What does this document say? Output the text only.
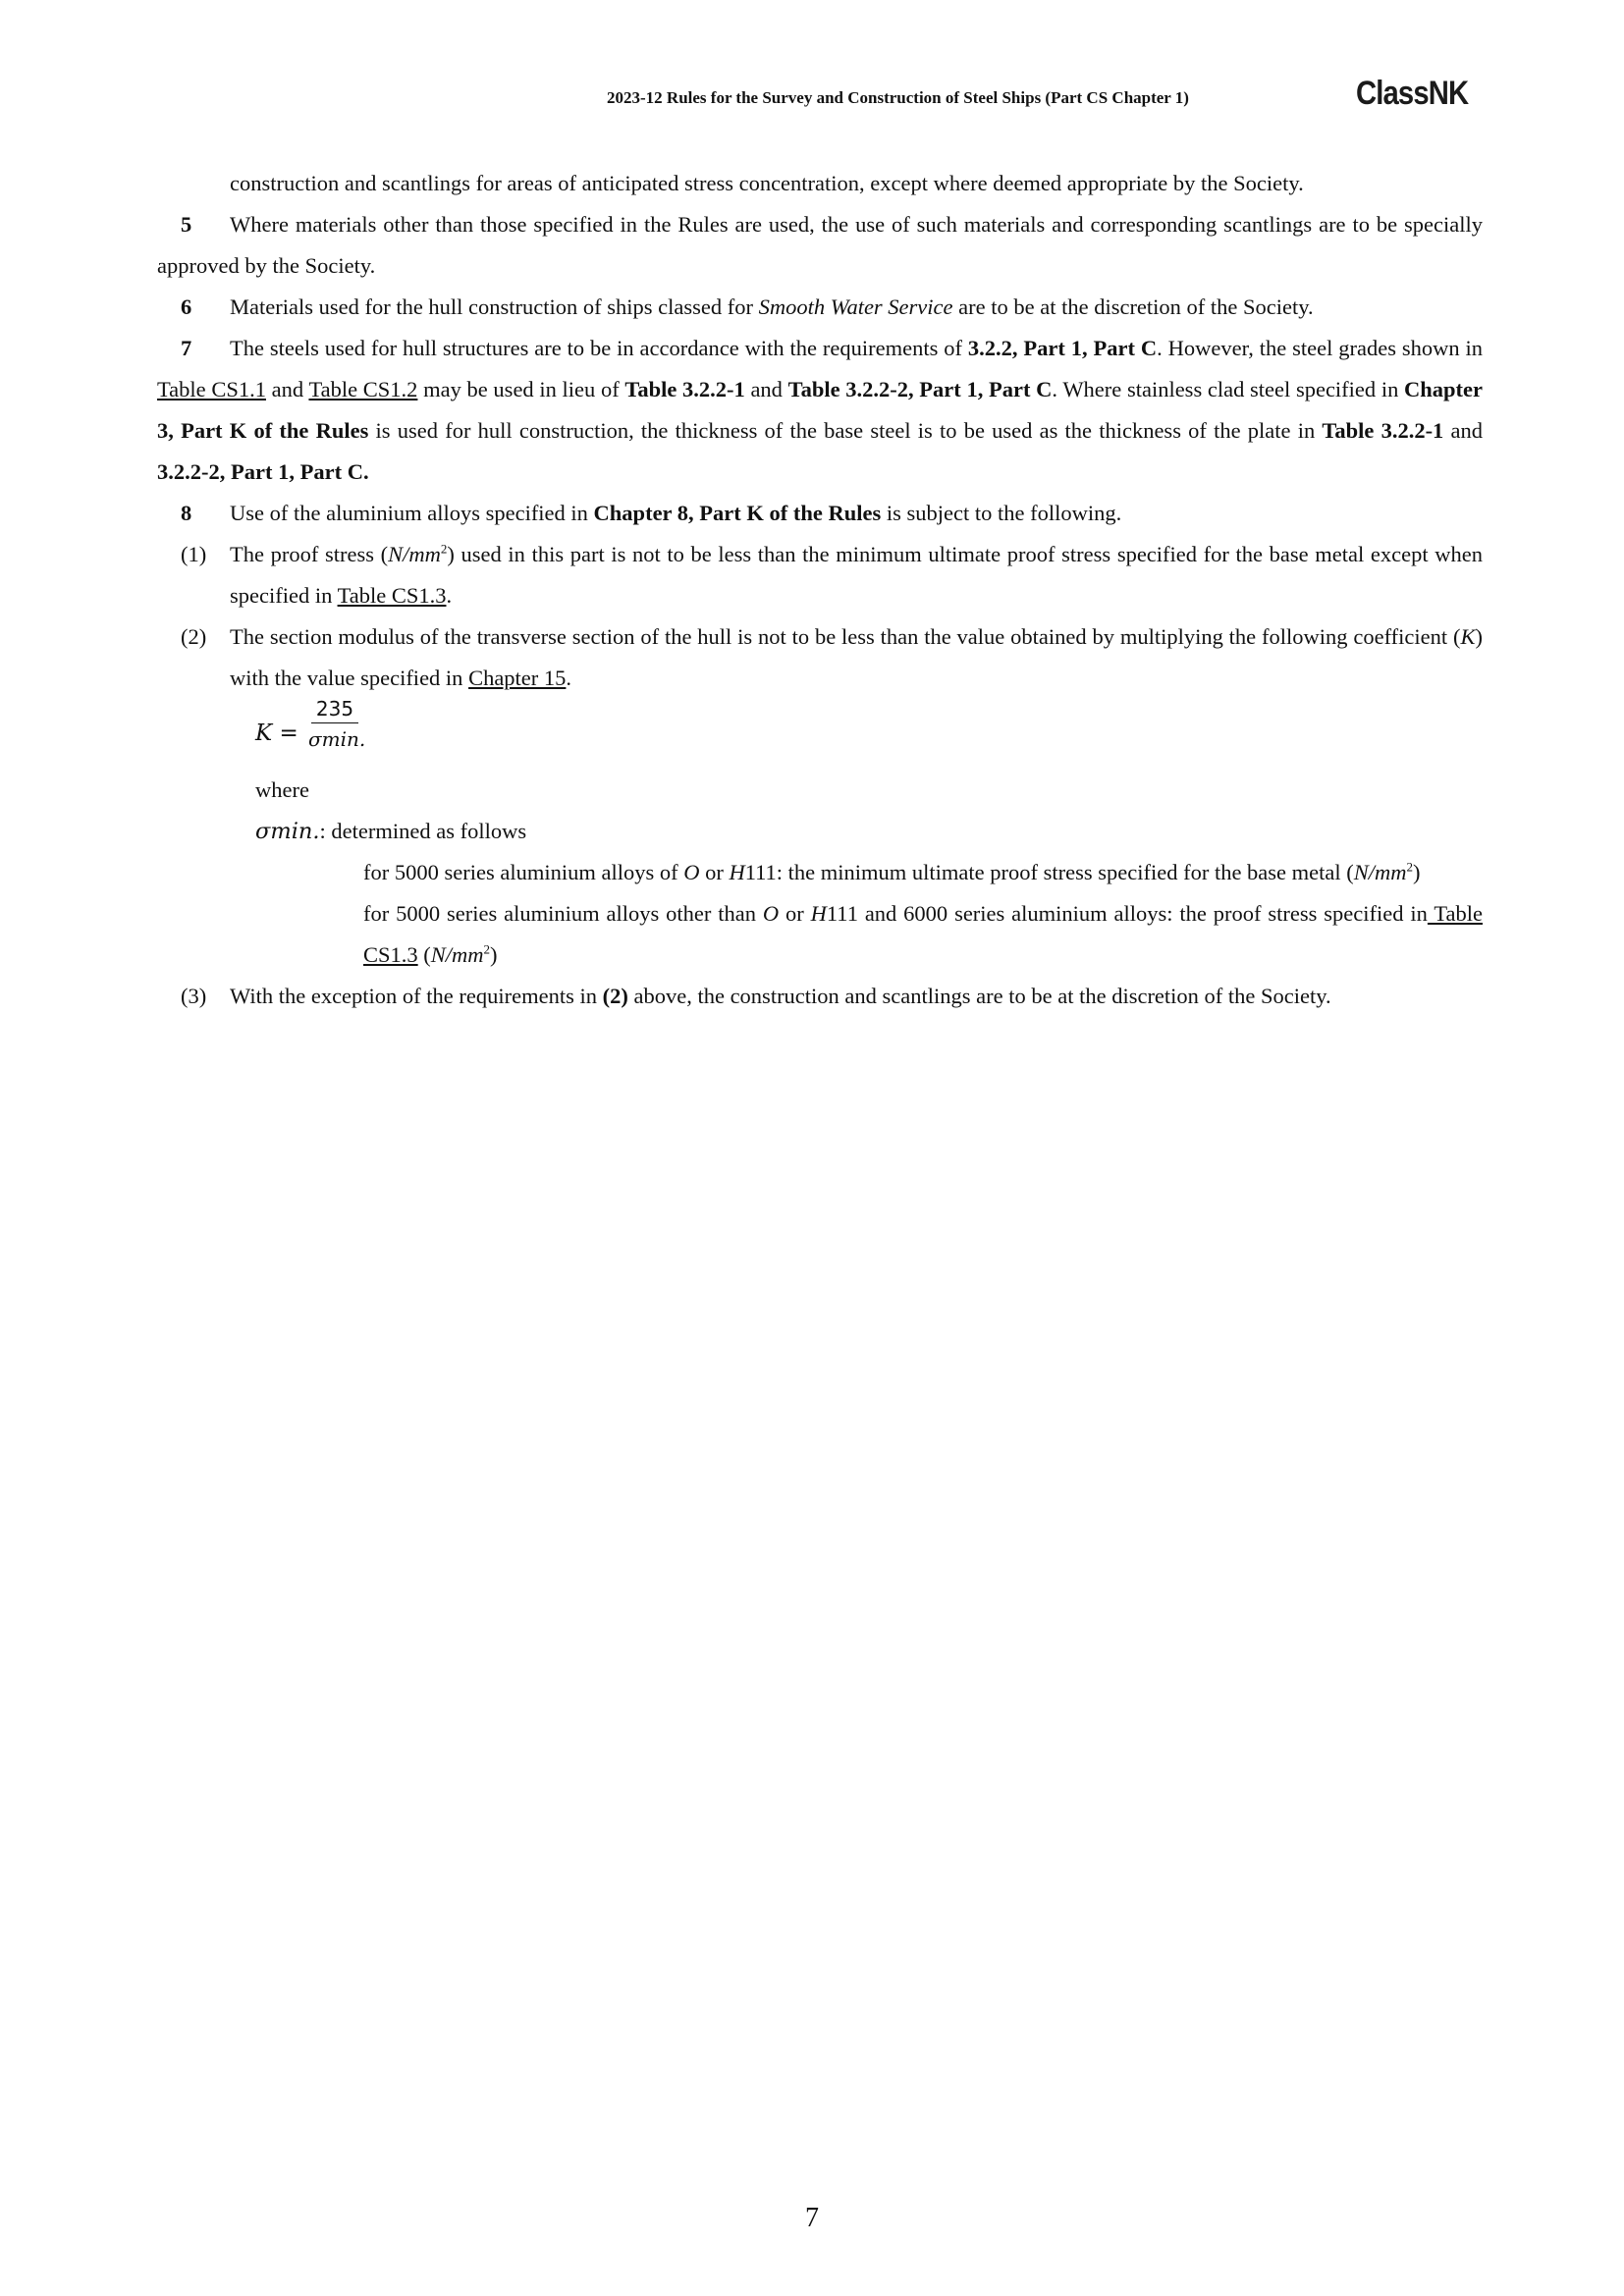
2023-12 Rules for the Survey and Construction of Steel Ships (Part CS Chapter 1)	ClassNK

construction and scantlings for areas of anticipated stress concentration, except where deemed appropriate by the Society.

5 Where materials other than those specified in the Rules are used, the use of such materials and corresponding scantlings are to be specially approved by the Society.

6 Materials used for the hull construction of ships classed for Smooth Water Service are to be at the discretion of the Society.

7 The steels used for hull structures are to be in accordance with the requirements of 3.2.2, Part 1, Part C. However, the steel grades shown in Table CS1.1 and Table CS1.2 may be used in lieu of Table 3.2.2-1 and Table 3.2.2-2, Part 1, Part C. Where stainless clad steel specified in Chapter 3, Part K of the Rules is used for hull construction, the thickness of the base steel is to be used as the thickness of the plate in Table 3.2.2-1 and 3.2.2-2, Part 1, Part C.

8 Use of the aluminium alloys specified in Chapter 8, Part K of the Rules is subject to the following.

(1) The proof stress $(N/mm^2)$ used in this part is not to be less than the minimum ultimate proof stress specified for the base metal except when specified in Table CS1.3.

(2) The section modulus of the transverse section of the hull is not to be less than the value obtained by multiplying the following coefficient (K) with the value specified in Chapter 15.

K =
235
σmin.

where

σmin.: determined as follows

for 5000 series aluminium alloys of O or H111: the minimum ultimate proof stress specified for the base metal $(N/mm^2)$

for 5000 series aluminium alloys other than O or H111 and 6000 series aluminium alloys: the proof stress specified in Table CS1.3 $(N/mm^2)$

(3) With the exception of the requirements in (2) above, the construction and scantlings are to be at the discretion of the Society.

7
